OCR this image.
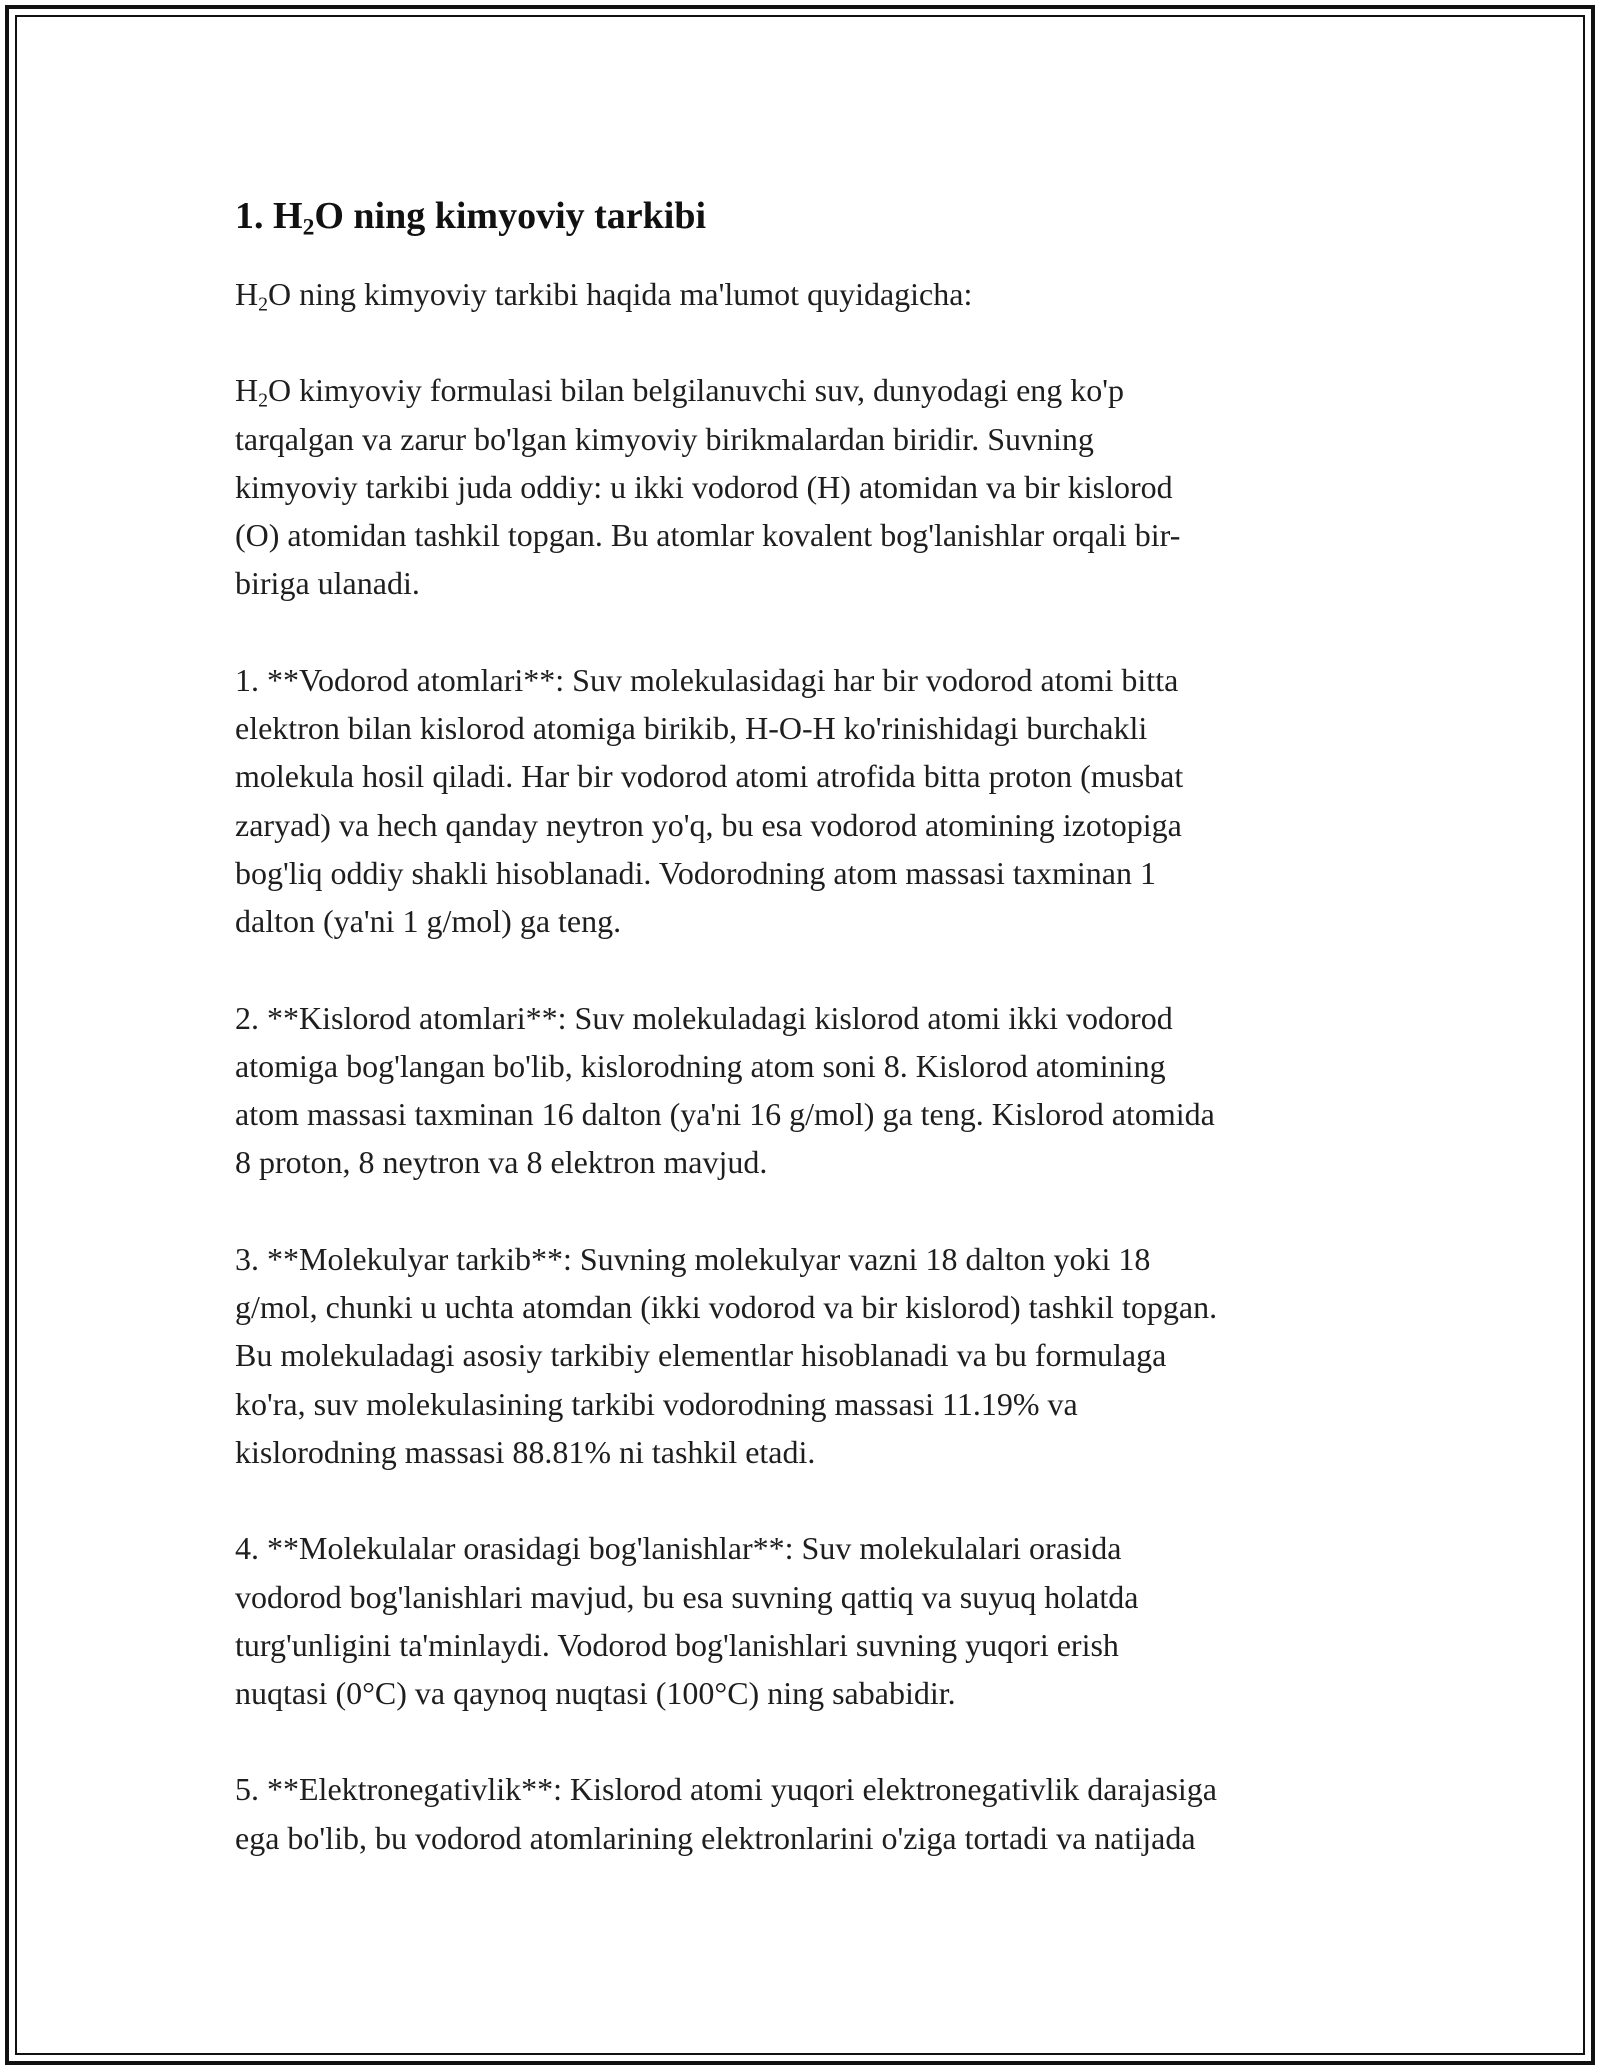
1. $H_2O$ ning kimyoviy tarkibi

$H_2O$ ning kimyoviy tarkibi haqida ma'lumot quyidagicha:

$H_2O$ kimyoviy formulasi bilan belgilanuvchi suv, dunyodagi eng ko'p
tarqalgan va zarur bo'lgan kimyoviy birikmalardan biridir. Suvning
kimyoviy tarkibi juda oddiy: u ikki vodorod (H) atomidan va bir kislorod
(O) atomidan tashkil topgan. Bu atomlar kovalent bog'lanishlar orqali bir-
biriga ulanadi.

1. **Vodorod atomlari**: Suv molekulasidagi har bir vodorod atomi bitta
elektron bilan kislorod atomiga birikib, H-O-H ko'rinishidagi burchakli
molekula hosil qiladi. Har bir vodorod atomi atrofida bitta proton (musbat
zaryad) va hech qanday neytron yo'q, bu esa vodorod atomining izotopiga
bog'liq oddiy shakli hisoblanadi. Vodorodning atom massasi taxminan 1
dalton (ya'ni 1 g/mol) ga teng.

2. **Kislorod atomlari**: Suv molekuladagi kislorod atomi ikki vodorod
atomiga bog'langan bo'lib, kislorodning atom soni 8. Kislorod atomining
atom massasi taxminan 16 dalton (ya'ni 16 g/mol) ga teng. Kislorod atomida
8 proton, 8 neytron va 8 elektron mavjud.

3. **Molekulyar tarkib**: Suvning molekulyar vazni 18 dalton yoki 18
g/mol, chunki u uchta atomdan (ikki vodorod va bir kislorod) tashkil topgan.
Bu molekuladagi asosiy tarkibiy elementlar hisoblanadi va bu formulaga
ko'ra, suv molekulasining tarkibi vodorodning massasi 11.19% va
kislorodning massasi 88.81% ni tashkil etadi.

4. **Molekulalar orasidagi bog'lanishlar**: Suv molekulalari orasida
vodorod bog'lanishlari mavjud, bu esa suvning qattiq va suyuq holatda
turg'unligini ta'minlaydi. Vodorod bog'lanishlari suvning yuqori erish
nuqtasi (0°C) va qaynoq nuqtasi (100°C) ning sababidir.

5. **Elektronegativlik**: Kislorod atomi yuqori elektronegativlik darajasiga
ega bo'lib, bu vodorod atomlarining elektronlarini o'ziga tortadi va natijada
